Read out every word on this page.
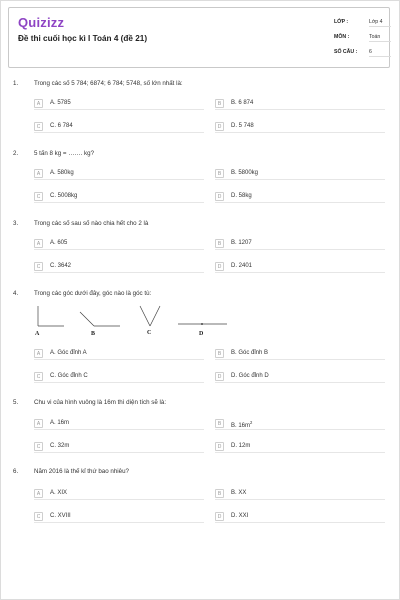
Quizizz
Đề thi cuối học kì I Toán 4 (đề 21)
LỚP :	Lớp 4
MÔN :	Toán
SỐ CÂU : 6
1.	Trong các số 5 784; 6874; 6 784; 5748, số lớn nhất là:
A	A. 5785	B	B. 6 874
C	C. 6 784	D	D. 5 748
2.	5 tấn 8 kg = ……. kg?
A	A. 580kg	B	B. 5800kg
C	C. 5008kg	D	D. 58kg
3.	Trong các số sau số nào chia hết cho 2 là
A	A. 605	B	B. 1207
C	C. 3642	D	D. 2401
4.	Trong các góc dưới đây, góc nào là góc tù:
A	B	C	D
A	A. Góc đỉnh A	B	B. Góc đỉnh B
C	C. Góc đỉnh C	D	D. Góc đỉnh D
5.	Chu vi của hình vuông là 16m thì diện tích sẽ là:
A	A. 16m	B	B. $16m^2$
C	C. 32m	D	D. 12m
6.	Năm 2016 là thế kỉ thứ bao nhiêu?
A	A. XIX	B	B. XX
C	C. XVIII	D	D. XXI
